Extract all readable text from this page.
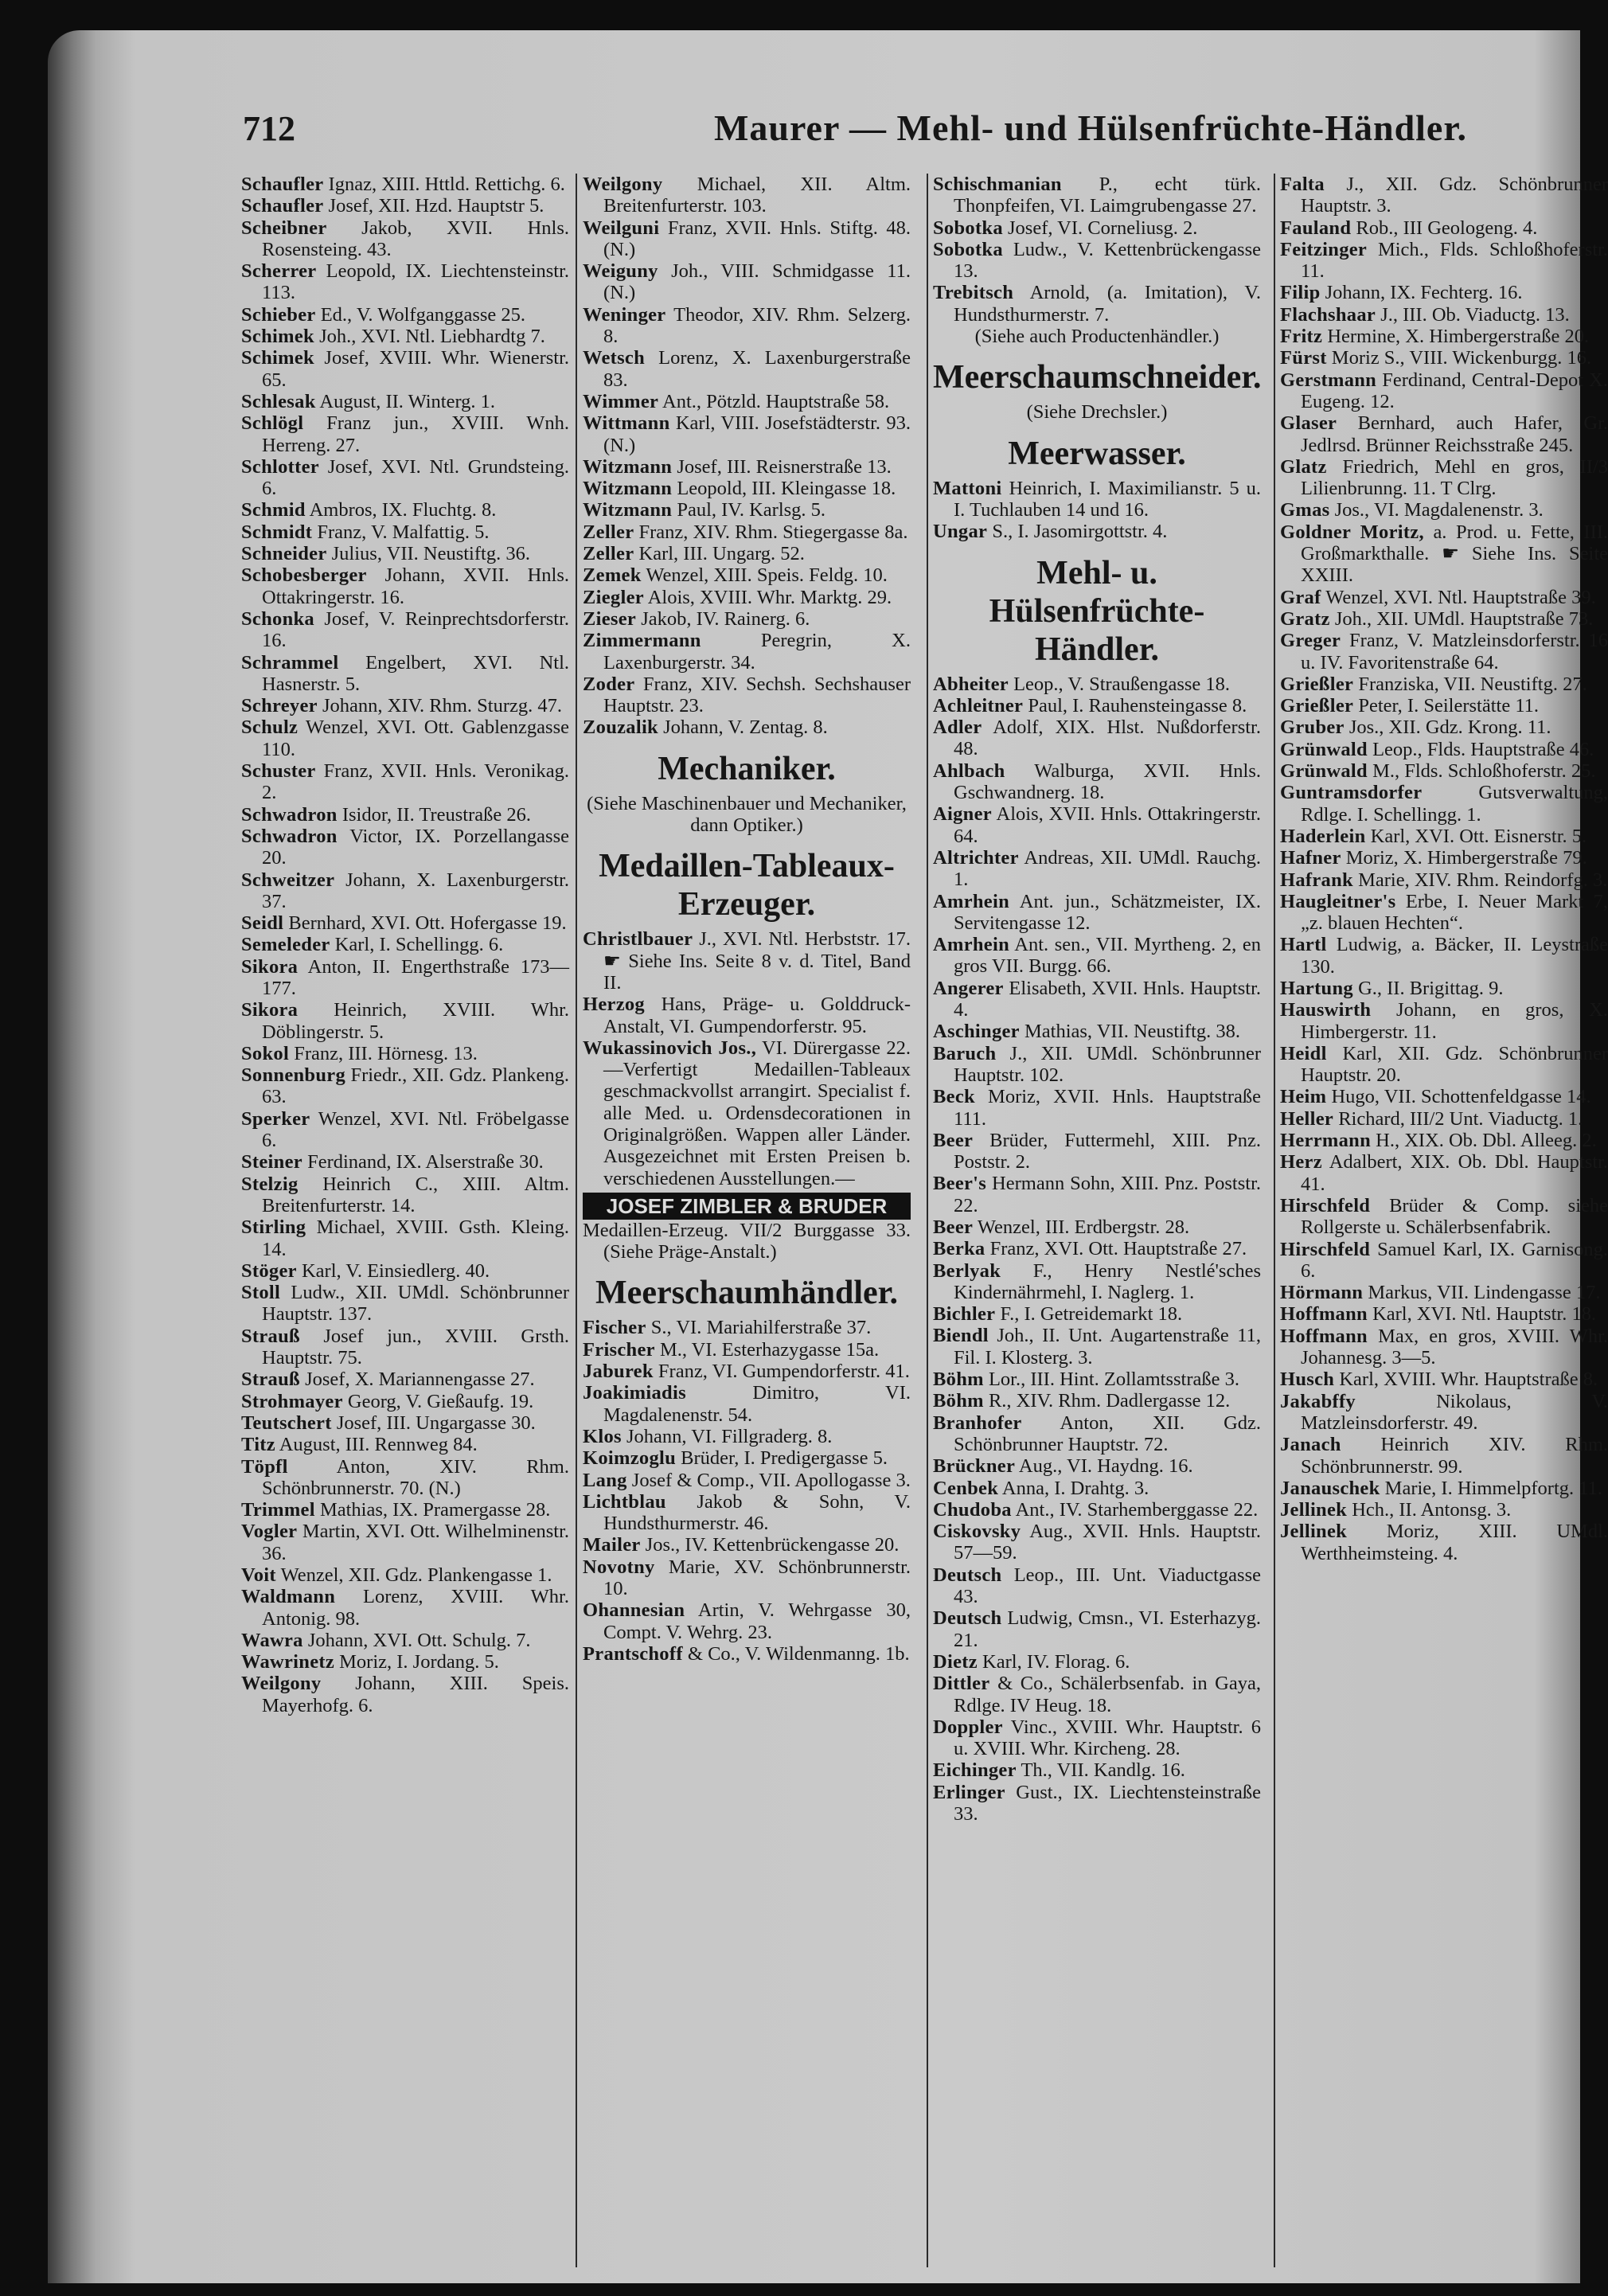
712	Maurer — Mehl- und Hülsenfrüchte-Händler.
Schaufler Ignaz, XIII. Httld. Rettichg. 6.
Schaufler Josef, XII. Hzd. Hauptstr 5.
Scheibner Jakob, XVII. Hnls. Rosensteing. 43.
Scherrer Leopold, IX. Liechtensteinstr. 113.
Schieber Ed., V. Wolfganggasse 25.
Schimek Joh., XVI. Ntl. Liebhardtg 7.
Schimek Josef, XVIII. Whr. Wienerstr. 65.
Schlesak August, II. Winterg. 1.
Schlögl Franz jun., XVIII. Wnh. Herreng. 27.
Schlotter Josef, XVI. Ntl. Grundsteing. 6.
Schmid Ambros, IX. Fluchtg. 8.
Schmidt Franz, V. Malfattig. 5.
Schneider Julius, VII. Neustiftg. 36.
Schobesberger Johann, XVII. Hnls. Ottakringerstr. 16.
Schonka Josef, V. Reinprechtsdorferstr. 16.
Schrammel Engelbert, XVI. Ntl. Hasnerstr. 5.
Schreyer Johann, XIV. Rhm. Sturzg. 47.
Schulz Wenzel, XVI. Ott. Gablenzgasse 110.
Schuster Franz, XVII. Hnls. Veronikag. 2.
Schwadron Isidor, II. Treustraße 26.
Schwadron Victor, IX. Porzellangasse 20.
Schweitzer Johann, X. Laxenburgerstr. 37.
Seidl Bernhard, XVI. Ott. Hofergasse 19.
Semeleder Karl, I. Schellingg. 6.
Sikora Anton, II. Engerthstraße 173—177.
Sikora Heinrich, XVIII. Whr. Döblingerstr. 5.
Sokol Franz, III. Hörnesg. 13.
Sonnenburg Friedr., XII. Gdz. Plankeng. 63.
Sperker Wenzel, XVI. Ntl. Fröbelgasse 6.
Steiner Ferdinand, IX. Alserstraße 30.
Stelzig Heinrich C., XIII. Altm. Breitenfurterstr. 14.
Stirling Michael, XVIII. Gsth. Kleing. 14.
Stöger Karl, V. Einsiedlerg. 40.
Stoll Ludw., XII. UMdl. Schönbrunner Hauptstr. 137.
Strauß Josef jun., XVIII. Grsth. Hauptstr. 75.
Strauß Josef, X. Mariannengasse 27.
Strohmayer Georg, V. Gießaufg. 19.
Teutschert Josef, III. Ungargasse 30.
Titz August, III. Rennweg 84.
Töpfl Anton, XIV. Rhm. Schönbrunnerstr. 70. (N.)
Trimmel Mathias, IX. Pramergasse 28.
Vogler Martin, XVI. Ott. Wilhelminenstr. 36.
Voit Wenzel, XII. Gdz. Plankengasse 1.
Waldmann Lorenz, XVIII. Whr. Antonig. 98.
Wawra Johann, XVI. Ott. Schulg. 7.
Wawrinetz Moriz, I. Jordang. 5.
Weilgony Johann, XIII. Speis. Mayerhofg. 6.
Weilgony Michael, XII. Altm. Breitenfurterstr. 103.
Weilguni Franz, XVII. Hnls. Stiftg. 48. (N.)
Weiguny Joh., VIII. Schmidgasse 11. (N.)
Weninger Theodor, XIV. Rhm. Selzerg. 8.
Wetsch Lorenz, X. Laxenburgerstraße 83.
Wimmer Ant., Pötzld. Hauptstraße 58.
Wittmann Karl, VIII. Josefstädterstr. 93. (N.)
Witzmann Josef, III. Reisnerstraße 13.
Witzmann Leopold, III. Kleingasse 18.
Witzmann Paul, IV. Karlsg. 5.
Zeller Franz, XIV. Rhm. Stiegergasse 8a.
Zeller Karl, III. Ungarg. 52.
Zemek Wenzel, XIII. Speis. Feldg. 10.
Ziegler Alois, XVIII. Whr. Marktg. 29.
Zieser Jakob, IV. Rainerg. 6.
Zimmermann	Peregrin, X. Laxenburgerstr. 34.
Zoder Franz, XIV. Sechsh. Sechshauser Hauptstr. 23.
Zouzalik Johann, V. Zentag. 8.
Mechaniker.
(Siehe Maschinenbauer und Mechaniker, dann Optiker.)
Medaillen-Tableaux-Erzeuger.
Christlbauer J., XVI. Ntl. Herbststr. 17. ☛ Siehe Ins. Seite 8 v. d. Titel, Band II.
Herzog Hans, Präge- u. Golddruck-Anstalt, VI. Gumpendorferstr. 95.
Wukassinovich Jos., VI. Dürergasse 22. —Verfertigt Medaillen-Tableaux geschmackvollst arrangirt. Specialist f. alle Med. u. Ordensdecorationen in Originalgrößen. Wappen aller Länder. Ausgezeichnet mit Ersten Preisen b. verschiedenen Ausstellungen.—
JOSEF ZIMBLER & BRUDER
Medaillen-Erzeug. VII/2 Burggasse 33. (Siehe Präge-Anstalt.)
Meerschaumhändler.
Fischer S., VI. Mariahilferstraße 37.
Frischer M., VI. Esterhazygasse 15a.
Jaburek Franz, VI. Gumpendorferstr. 41.
Joakimiadis	Dimitro, VI. Magdalenenstr. 54.
Klos Johann, VI. Fillgraderg. 8.
Koimzoglu Brüder, I. Predigergasse 5.
Lang Josef & Comp., VII. Apollogasse 3.
Lichtblau Jakob & Sohn, V. Hundsthurmerstr. 46.
Mailer Jos., IV. Kettenbrückengasse 20.
Novotny Marie, XV. Schönbrunnerstr. 10.
Ohannesian Artin, V. Wehrgasse 30, Compt. V. Wehrg. 23.
Prantschoff & Co., V. Wildenmanng. 1b.
Schischmanian P., echt türk. Thonpfeifen, VI. Laimgrubengasse 27.
Sobotka Josef, VI. Corneliusg. 2.
Sobotka Ludw., V. Kettenbrückengasse 13.
Trebitsch Arnold, (a. Imitation), V. Hundsthurmerstr. 7.
(Siehe auch Productenhändler.)
Meerschaumschneider.
(Siehe Drechsler.)
Meerwasser.
Mattoni Heinrich, I. Maximilianstr. 5 u. I. Tuchlauben 14 und 16.
Ungar S., I. Jasomirgottstr. 4.
Mehl- u. Hülsenfrüchte-Händler.
Abheiter Leop., V. Straußengasse 18.
Achleitner Paul, I. Rauhensteingasse 8.
Adler Adolf, XIX. Hlst. Nußdorferstr. 48.
Ahlbach Walburga, XVII. Hnls. Gschwandnerg. 18.
Aigner Alois, XVII. Hnls. Ottakringerstr. 64.
Altrichter Andreas, XII. UMdl. Rauchg. 1.
Amrhein Ant. jun., Schätzmeister, IX. Servitengasse 12.
Amrhein Ant. sen., VII. Myrtheng. 2, en gros VII. Burgg. 66.
Angerer Elisabeth, XVII. Hnls. Hauptstr. 4.
Aschinger Mathias, VII. Neustiftg. 38.
Baruch J., XII. UMdl. Schönbrunner Hauptstr. 102.
Beck Moriz, XVII. Hnls. Hauptstraße 111.
Beer Brüder, Futtermehl, XIII. Pnz. Poststr. 2.
Beer's Hermann Sohn, XIII. Pnz. Poststr. 22.
Beer Wenzel, III. Erdbergstr. 28.
Berka Franz, XVI. Ott. Hauptstraße 27.
Berlyak F., Henry Nestlé'sches Kindernährmehl, I. Naglerg. 1.
Bichler F., I. Getreidemarkt 18.
Biendl Joh., II. Unt. Augartenstraße 11, Fil. I. Klosterg. 3.
Böhm Lor., III. Hint. Zollamtsstraße 3.
Böhm R., XIV. Rhm. Dadlergasse 12.
Branhofer Anton, XII. Gdz. Schönbrunner Hauptstr. 72.
Brückner Aug., VI. Haydng. 16.
Cenbek Anna, I. Drahtg. 3.
Chudoba Ant., IV. Starhemberggasse 22.
Ciskovsky Aug., XVII. Hnls. Hauptstr. 57—59.
Deutsch Leop., III. Unt. Viaductgasse 43.
Deutsch Ludwig, Cmsn., VI. Esterhazyg. 21.
Dietz Karl, IV. Florag. 6.
Dittler & Co., Schälerbsenfab. in Gaya, Rdlge. IV Heug. 18.
Doppler Vinc., XVIII. Whr. Hauptstr. 6 u. XVIII. Whr. Kircheng. 28.
Eichinger Th., VII. Kandlg. 16.
Erlinger Gust., IX. Liechtensteinstraße 33.
Falta J., XII. Gdz. Schönbrunner Hauptstr. 3.
Fauland Rob., III Geologeng. 4.
Feitzinger Mich., Flds. Schloßhoferstr. 11.
Filip Johann, IX. Fechterg. 16.
Flachshaar J., III. Ob. Viaductg. 13.
Fritz Hermine, X. Himbergerstraße 20.
Fürst Moriz S., VIII. Wickenburgg. 16.
Gerstmann Ferdinand, Central-Depot X. Eugeng. 12.
Glaser Bernhard, auch Hafer, Gr. Jedlrsd. Brünner Reichsstraße 245.
Glatz Friedrich, Mehl en gros, II/3 Lilienbrunng. 11. T Clrg.
Gmas Jos., VI. Magdalenenstr. 3.
Goldner Moritz, a. Prod. u. Fette, III. Großmarkthalle. ☛ Siehe Ins. Seite XXIII.
Graf Wenzel, XVI. Ntl. Hauptstraße 39.
Gratz Joh., XII. UMdl. Hauptstraße 73.
Greger Franz, V. Matzleinsdorferstr. 16 u. IV. Favoritenstraße 64.
Grießler Franziska, VII. Neustiftg. 27.
Grießler Peter, I. Seilerstätte 11.
Gruber Jos., XII. Gdz. Krong. 11.
Grünwald Leop., Flds. Hauptstraße 46.
Grünwald M., Flds. Schloßhoferstr. 25.
Guntramsdorfer	Gutsverwaltung, Rdlge. I. Schellingg. 1.
Haderlein Karl, XVI. Ott. Eisnerstr. 5.
Hafner Moriz, X. Himbergerstraße 79.
Hafrank Marie, XIV. Rhm. Reindorfg. 3.
Haugleitner's Erbe, I. Neuer Markt 7, „z. blauen Hechten“.
Hartl Ludwig, a. Bäcker, II. Leystraße 130.
Hartung G., II. Brigittag. 9.
Hauswirth Johann, en gros, X. Himbergerstr. 11.
Heidl Karl, XII. Gdz. Schönbrunner Hauptstr. 20.
Heim Hugo, VII. Schottenfeldgasse 14.
Heller Richard, III/2 Unt. Viaductg. 1.
Herrmann H., XIX. Ob. Dbl. Alleeg. 2.
Herz Adalbert, XIX. Ob. Dbl. Hauptstr. 41.
Hirschfeld Brüder & Comp. siehe Rollgerste u. Schälerbsenfabrik.
Hirschfeld Samuel Karl, IX. Garnisong. 6.
Hörmann Markus, VII. Lindengasse 17.
Hoffmann Karl, XVI. Ntl. Hauptstr. 18.
Hoffmann Max, en gros, XVIII. Whr. Johannesg. 3—5.
Husch Karl, XVIII. Whr. Hauptstraße 8.
Jakabffy	Nikolaus, V. Matzleinsdorferstr. 49.
Janach Heinrich XIV. Rhm. Schönbrunnerstr. 99.
Janauschek Marie, I. Himmelpfortg. 11.
Jellinek Hch., II. Antonsg. 3.
Jellinek Moriz, XIII. UMdl. Werthheimsteing. 4.
